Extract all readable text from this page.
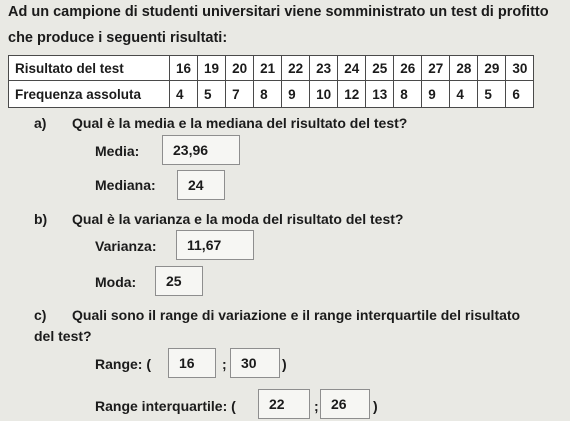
Ad un campione di studenti universitari viene somministrato un test di profitto
che produce i seguenti risultati:
Risultato del test	16	19	20	21	22	23	24	25	26	27	28	29	30
Frequenza assoluta	4	5	7	8	9	10	12	13	8	9	4	5	6
a) Qual è la media e la mediana del risultato del test?
Media:	23,96
Mediana:	24
b) Qual è la varianza e la moda del risultato del test?
Varianza:	11,67
Moda:	25
c) Quali sono il range di variazione e il range interquartile del risultato
del test?
Range: (	16	;	30	)
Range interquartile: (	22	; 26	)
